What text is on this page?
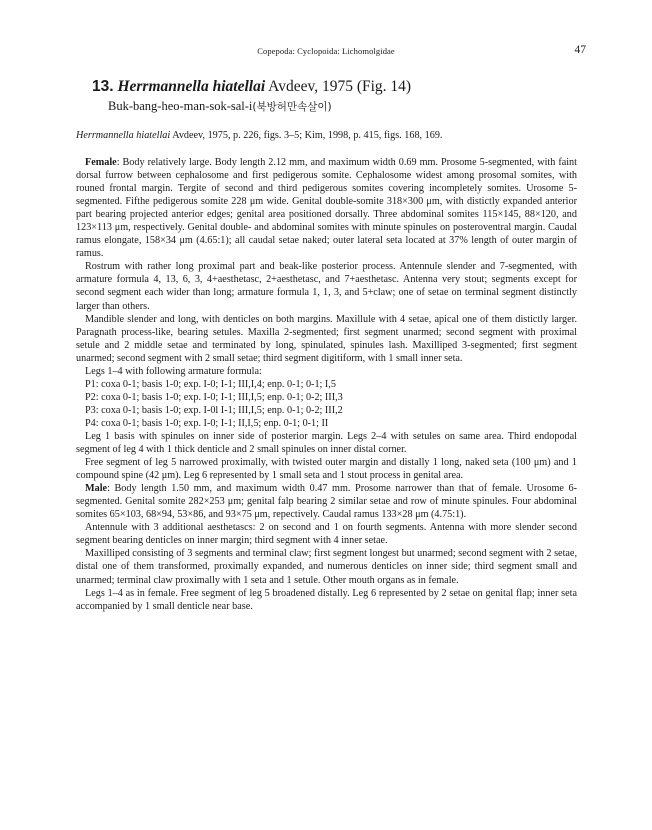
Copepoda: Cyclopoida: Lichomolgidae	47
13. Herrmannella hiatellai Avdeev, 1975 (Fig. 14)
Buk-bang-heo-man-sok-sal-i(북방허만속살이)
Herrmannella hiatellai Avdeev, 1975, p. 226, figs. 3–5; Kim, 1998, p. 415, figs. 168, 169.

Female: Body relatively large. Body length 2.12 mm, and maximum width 0.69 mm. Prosome 5-segmented, with faint dorsal furrow between cephalosome and first pedigerous somite. Cephalosome widest among prosomal somites, with rouned frontal margin. Tergite of second and third pedigerous somites covering incompletely somites. Urosome 5-segmented. Fifthe pedigerous somite 228 μm wide. Genital double-somite 318×300 μm, with distictly expanded anterior part bearing projected anterior edges; genital area positioned dorsally. Three abdominal somites 115×145, 88×120, and 123×113 μm, respectively. Genital double- and abdominal somites with minute spinules on posteroventral margin. Caudal ramus elongate, 158×34 μm (4.65:1); all caudal setae naked; outer lateral seta located at 37% length of outer margin of ramus.

Rostrum with rather long proximal part and beak-like posterior process. Antennule slender and 7-segmented, with armature formula 4, 13, 6, 3, 4+aesthetasc, 2+aesthetasc, and 7+aesthetasc. Antenna very stout; segments except for second segment each wider than long; armature formula 1, 1, 3, and 5+claw; one of setae on terminal segment distinctly larger than others.

Mandible slender and long, with denticles on both margins. Maxillule with 4 setae, apical one of them distictly larger. Paragnath process-like, bearing setules. Maxilla 2-segmented; first segment unarmed; second segment with proximal setule and 2 middle setae and terminated by long, spinulated, spinules lash. Maxilliped 3-segmented; first segment unarmed; second segment with 2 small setae; third segment digitiform, with 1 small inner seta.

Legs 1–4 with following armature formula:

P1: coxa 0-1; basis 1-0; exp. I-0; I-1; III,I,4; enp. 0-1; 0-1; I,5
P2: coxa 0-1; basis 1-0; exp. I-0; I-1; III,I,5; enp. 0-1; 0-2; III,3
P3: coxa 0-1; basis 1-0; exp. I-0l I-1; III,I,5; enp. 0-1; 0-2; III,2
P4: coxa 0-1; basis 1-0; exp. I-0; I-1; II,I,5; enp. 0-1; 0-1; II

Leg 1 basis with spinules on inner side of posterior margin. Legs 2–4 with setules on same area. Third endopodal segment of leg 4 with 1 thick denticle and 2 small spinules on inner distal corner.

Free segment of leg 5 narrowed proximally, with twisted outer margin and distally 1 long, naked seta (100 μm) and 1 compound spine (42 μm). Leg 6 represented by 1 small seta and 1 stout process in genital area.

Male: Body length 1.50 mm, and maximum width 0.47 mm. Prosome narrower than that of female. Urosome 6-segmented. Genital somite 282×253 μm; genital falp bearing 2 similar setae and row of minute spinules. Four abdominal somites 65×103, 68×94, 53×86, and 93×75 μm, repectively. Caudal ramus 133×28 μm (4.75:1).

Antennule with 3 additional aesthetascs: 2 on second and 1 on fourth segments. Antenna with more slender second segment bearing denticles on inner margin; third segment with 4 inner setae.

Maxilliped consisting of 3 segments and terminal claw; first segment longest but unarmed; second segment with 2 setae, distal one of them transformed, proximally expanded, and numerous denticles on inner side; third segment small and unarmed; terminal claw proximally with 1 seta and 1 setule. Other mouth organs as in female.

Legs 1–4 as in female. Free segment of leg 5 broadened distally. Leg 6 represented by 2 setae on genital flap; inner seta accompanied by 1 small denticle near base.
